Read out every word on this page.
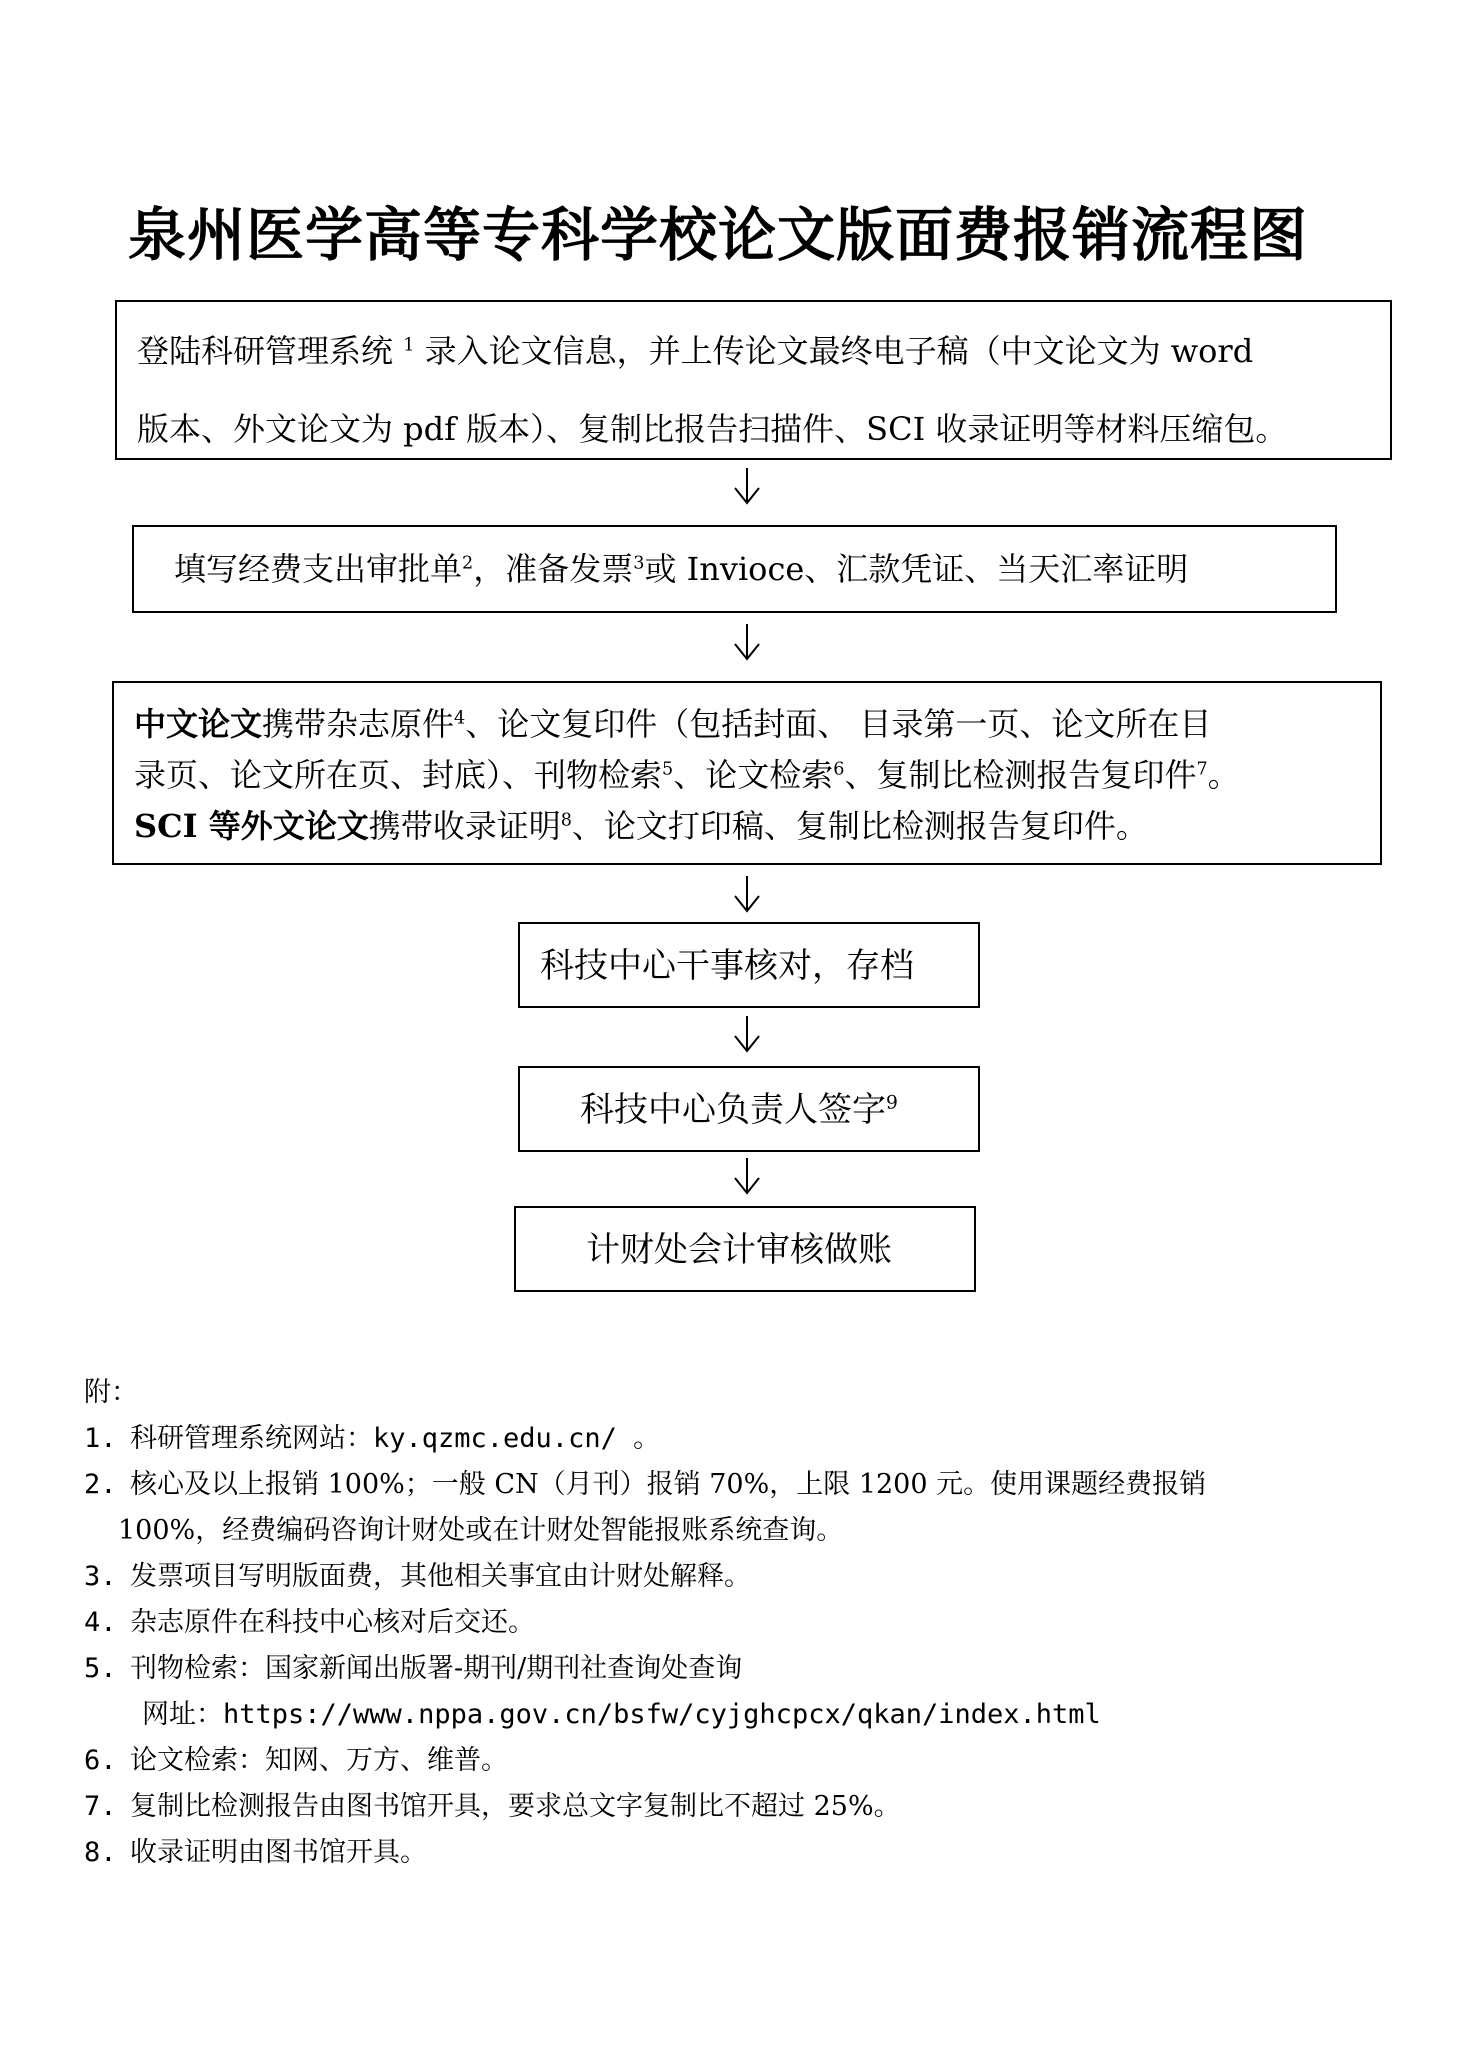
泉州医学高等专科学校论文版面费报销流程图
登陆科研管理系统 $^1$ 录入论文信息，并上传论文最终电子稿（中文论文为 word
版本、外文论文为 pdf 版本）、复制比报告扫描件、SCI 收录证明等材料压缩包。
填写经费支出审批单$^2$，准备发票$^3$或 Invioce、汇款凭证、当天汇率证明
中文论文携带杂志原件$^4$、论文复印件（包括封面、 目录第一页、论文所在目
录页、论文所在页、封底）、刊物检索$^5$、论文检索$^6$、复制比检测报告复印件$^7$。
SCI 等外文论文携带收录证明$^8$、论文打印稿、复制比检测报告复印件。
科技中心干事核对，存档
科技中心负责人签字$^9$
计财处会计审核做账
附：
1. 科研管理系统网站：ky.qzmc.edu.cn/ 。
2. 核心及以上报销 100%；一般 CN（月刊）报销 70%，上限 1200 元。使用课题经费报销
100%，经费编码咨询计财处或在计财处智能报账系统查询。
3. 发票项目写明版面费，其他相关事宜由计财处解释。
4. 杂志原件在科技中心核对后交还。
5. 刊物检索：国家新闻出版署-期刊/期刊社查询处查询
网址：https://www.nppa.gov.cn/bsfw/cyjghcpcx/qkan/index.html
6. 论文检索：知网、万方、维普。
7. 复制比检测报告由图书馆开具，要求总文字复制比不超过 25%。
8. 收录证明由图书馆开具。
